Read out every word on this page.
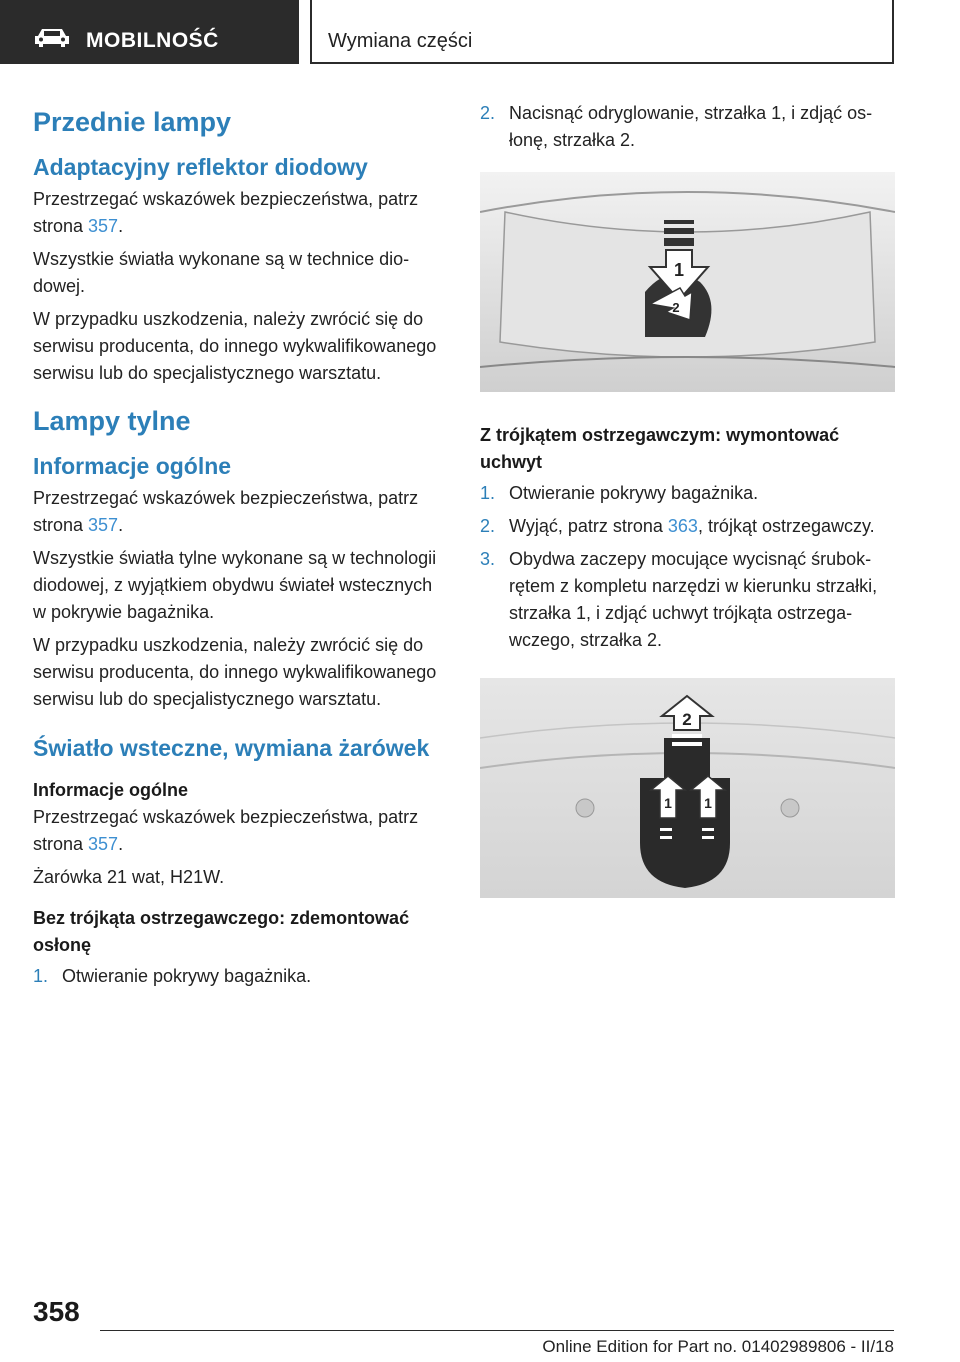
MOBILNOŚĆ	Wymiana części
Przednie lampy
Adaptacyjny reflektor diodowy

Przestrzegać wskazówek bezpieczeństwa, patrz strona 357.

Wszystkie światła wykonane są w technice diodowej.

W przypadku uszkodzenia, należy zwrócić się do serwisu producenta, do innego wykwalifikowanego serwisu lub do specjalistycznego warsztatu.

Lampy tylne
Informacje ogólne

Przestrzegać wskazówek bezpieczeństwa, patrz strona 357.

Wszystkie światła tylne wykonane są w technologii diodowej, z wyjątkiem obydwu świateł wstecznych w pokrywie bagażnika.

W przypadku uszkodzenia, należy zwrócić się do serwisu producenta, do innego wykwalifikowanego serwisu lub do specjalistycznego warsztatu.

Światło wsteczne, wymiana żarówek
Informacje ogólne

Przestrzegać wskazówek bezpieczeństwa, patrz strona 357.

Żarówka 21 wat, H21W.

Bez trójkąta ostrzegawczego: zdemontować osłonę
1. Otwieranie pokrywy bagażnika.
2. Nacisnąć odryglowanie, strzałka 1, i zdjąć osłonę, strzałka 2.
1
2
Z trójkątem ostrzegawczym: wymontować uchwyt
1. Otwieranie pokrywy bagażnika.
2. Wyjąć, patrz strona 363, trójkąt ostrzegawczy.
3. Obydwa zaczepy mocujące wycisnąć śrubokrętem z kompletu narzędzi w kierunku strzałki, strzałka 1, i zdjąć uchwyt trójkąta ostrzegawczego, strzałka 2.
2
1 1
358
Online Edition for Part no. 01402989806 - II/18
